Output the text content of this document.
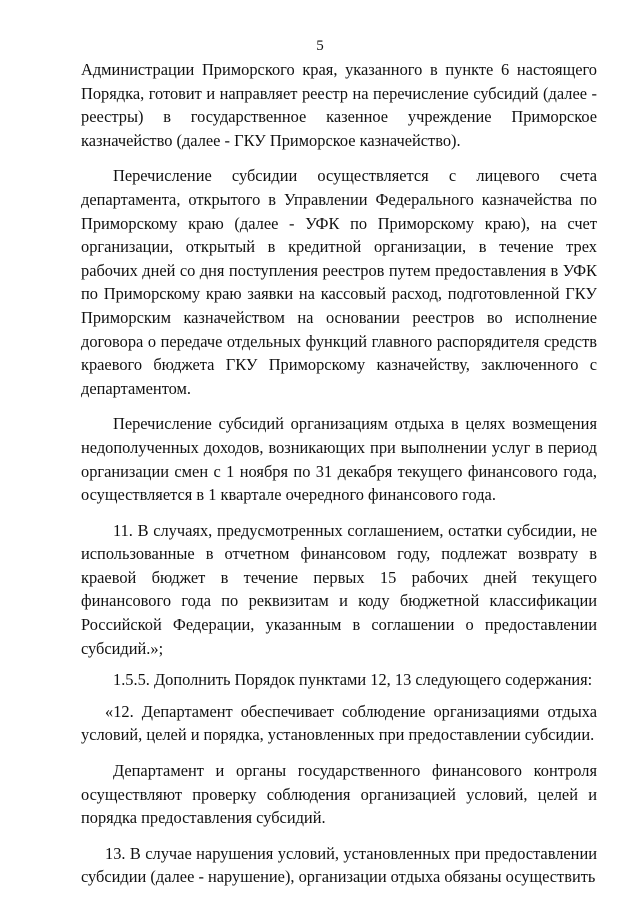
5

Администрации Приморского края, указанного в пункте 6 настоящего Порядка, готовит и направляет реестр на перечисление субсидий (далее - реестры) в государственное казенное учреждение Приморское казначейство (далее - ГКУ Приморское казначейство).

Перечисление субсидии осуществляется с лицевого счета департамента, открытого в Управлении Федерального казначейства по Приморскому краю (далее - УФК по Приморскому краю), на счет организации, открытый в кредитной организации, в течение трех рабочих дней со дня поступления реестров путем предоставления в УФК по Приморскому краю заявки на кассовый расход, подготовленной ГКУ Приморским казначейством на основании реестров во исполнение договора о передаче отдельных функций главного распорядителя средств краевого бюджета ГКУ Приморскому казначейству, заключенного с департаментом.

Перечисление субсидий организациям отдыха в целях возмещения недополученных доходов, возникающих при выполнении услуг в период организации смен с 1 ноября по 31 декабря текущего финансового года, осуществляется в 1 квартале очередного финансового года.

11. В случаях, предусмотренных соглашением, остатки субсидии, не использованные в отчетном финансовом году, подлежат возврату в краевой бюджет в течение первых 15 рабочих дней текущего финансового года по реквизитам и коду бюджетной классификации Российской Федерации, указанным в соглашении о предоставлении субсидий.»;

1.5.5. Дополнить Порядок пунктами 12, 13 следующего содержания:

«12. Департамент обеспечивает соблюдение организациями отдыха условий, целей и порядка, установленных при предоставлении субсидии.

Департамент и органы государственного финансового контроля осуществляют проверку соблюдения организацией условий, целей и порядка предоставления субсидий.

13. В случае нарушения условий, установленных при предоставлении субсидии (далее - нарушение), организации отдыха обязаны осуществить
